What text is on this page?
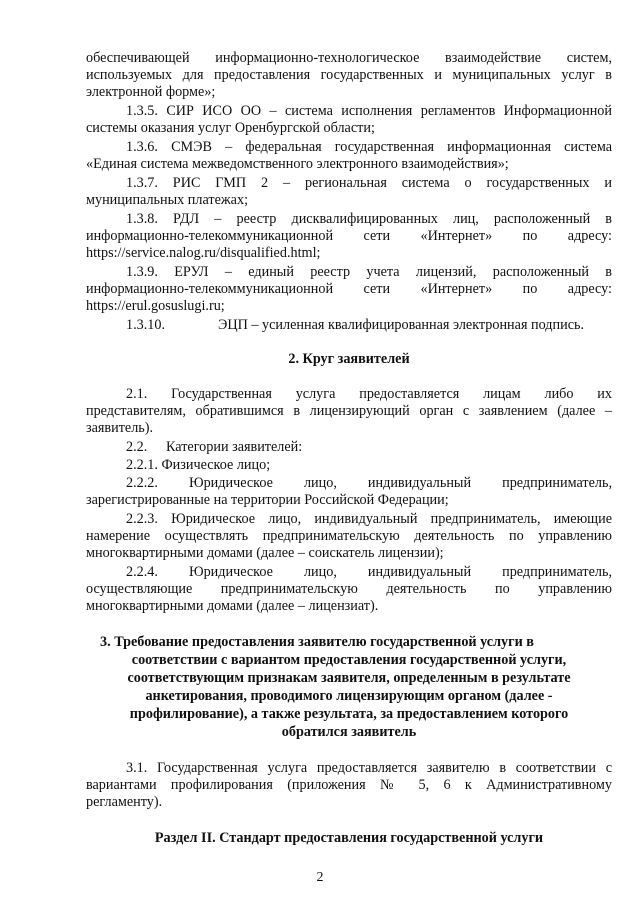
обеспечивающей информационно-технологическое взаимодействие систем,
используемых для предоставления государственных и муниципальных услуг в
электронной форме»;
1.3.5. СИР ИСО ОО – система исполнения регламентов Информационной
системы оказания услуг Оренбургской области;
1.3.6. СМЭВ – федеральная государственная информационная система
«Единая система межведомственного электронного взаимодействия»;
1.3.7. РИС ГМП 2 – региональная система о государственных и
муниципальных платежах;
1.3.8. РДЛ – реестр дисквалифицированных лиц, расположенный в
информационно-телекоммуникационной сети «Интернет» по адресу:
https://service.nalog.ru/disqualified.html;
1.3.9. ЕРУЛ – единый реестр учета лицензий, расположенный в
информационно-телекоммуникационной сети «Интернет» по адресу:
https://erul.gosuslugi.ru;
1.3.10.	ЭЦП – усиленная квалифицированная электронная подпись.
2. Круг заявителей
2.1. Государственная услуга предоставляется лицам либо их
представителям, обратившимся в лицензирующий орган с заявлением (далее –
заявитель).
2.2.	Категории заявителей:
2.2.1. Физическое лицо;
2.2.2. Юридическое лицо, индивидуальный предприниматель,
зарегистрированные на территории Российской Федерации;
2.2.3. Юридическое лицо, индивидуальный предприниматель, имеющие
намерение осуществлять предпринимательскую деятельность по управлению
многоквартирными домами (далее – соискатель лицензии);
2.2.4. Юридическое лицо, индивидуальный предприниматель,
осуществляющие предпринимательскую деятельность по управлению
многоквартирными домами (далее – лицензиат).
3. Требование предоставления заявителю государственной услуги в
соответствии с вариантом предоставления государственной услуги,
соответствующим признакам заявителя, определенным в результате
анкетирования, проводимого лицензирующим органом (далее -
профилирование), а также результата, за предоставлением которого
обратился заявитель
3.1. Государственная услуга предоставляется заявителю в соответствии с
вариантами профилирования (приложения № 5, 6 к Административному
регламенту).
Раздел II. Стандарт предоставления государственной услуги
2
